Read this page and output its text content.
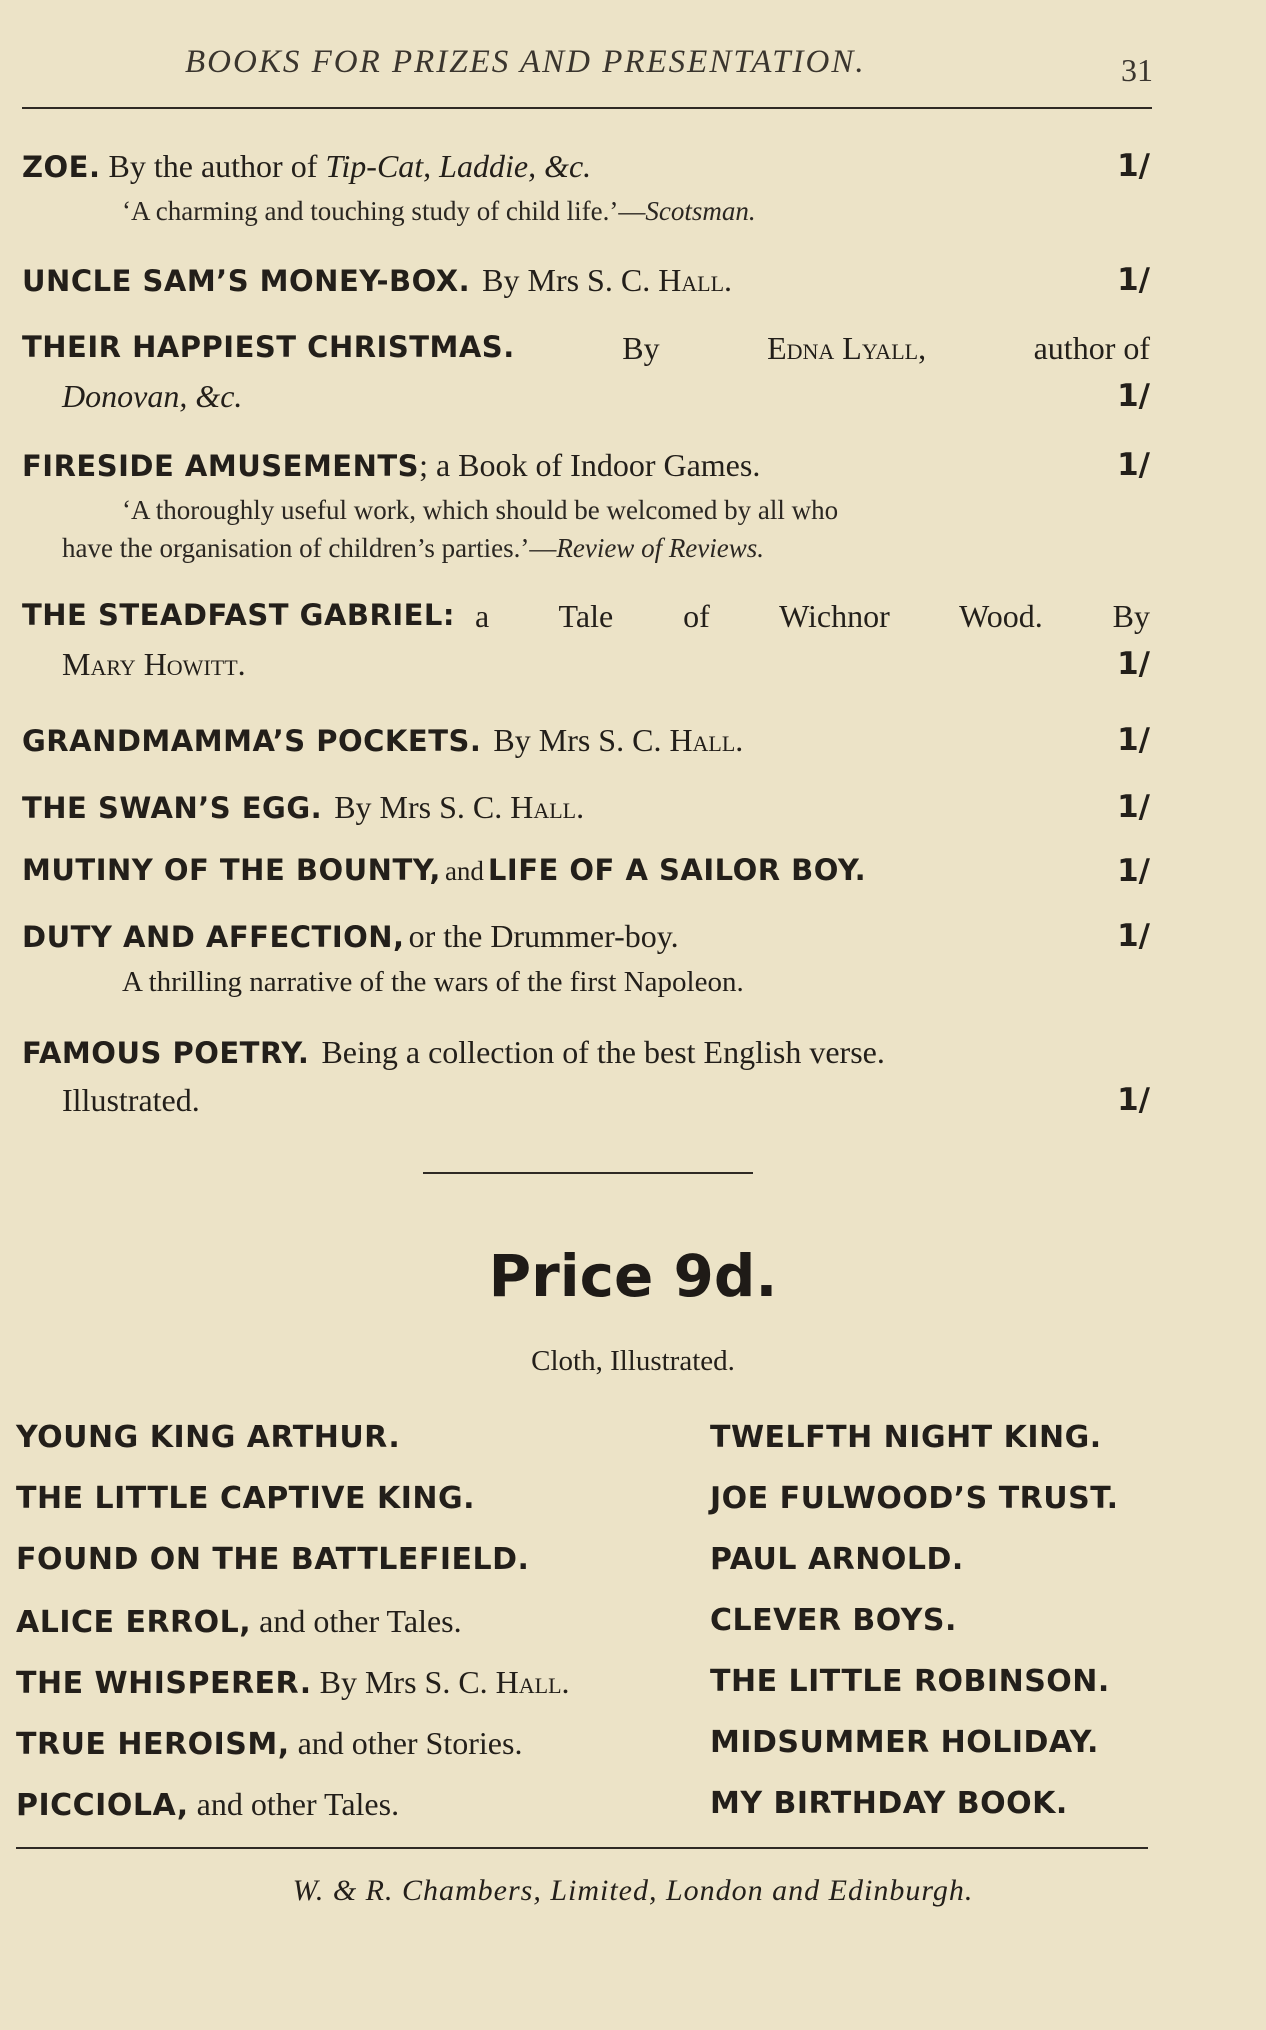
BOOKS FOR PRIZES AND PRESENTATION.	31
ZOE. By the author of Tip-Cat, Laddie, &c.	1/
‘A charming and touching study of child life.’—Scotsman.
UNCLE SAM’S MONEY-BOX. By Mrs S. C. Hall.	1/
THEIR HAPPIEST CHRISTMAS.	By	Edna Lyall,	author of
Donovan, &c.	1/
FIRESIDE AMUSEMENTS; a Book of Indoor Games.	1/
‘A thoroughly useful work, which should be welcomed by all who
have the organisation of children’s parties.’—Review of Reviews.
THE STEADFAST GABRIEL: a Tale of Wichnor Wood. By
Mary Howitt.	1/
GRANDMAMMA’S POCKETS. By Mrs S. C. Hall.	1/
THE SWAN’S EGG. By Mrs S. C. Hall.	1/
MUTINY OF THE BOUNTY, and LIFE OF A SAILOR BOY.	1/
DUTY AND AFFECTION, or the Drummer-boy.	1/
A thrilling narrative of the wars of the first Napoleon.
FAMOUS POETRY. Being a collection of the best English verse.
Illustrated.	1/
Price 9d.
Cloth, Illustrated.
YOUNG KING ARTHUR.
THE LITTLE CAPTIVE KING.
FOUND ON THE BATTLEFIELD.
ALICE ERROL, and other Tales.
THE WHISPERER. By Mrs S. C. Hall.
TRUE HEROISM, and other Stories.
PICCIOLA, and other Tales.
TWELFTH NIGHT KING.
JOE FULWOOD’S TRUST.
PAUL ARNOLD.
CLEVER BOYS.
THE LITTLE ROBINSON.
MIDSUMMER HOLIDAY.
MY BIRTHDAY BOOK.
W. & R. Chambers, Limited, London and Edinburgh.
